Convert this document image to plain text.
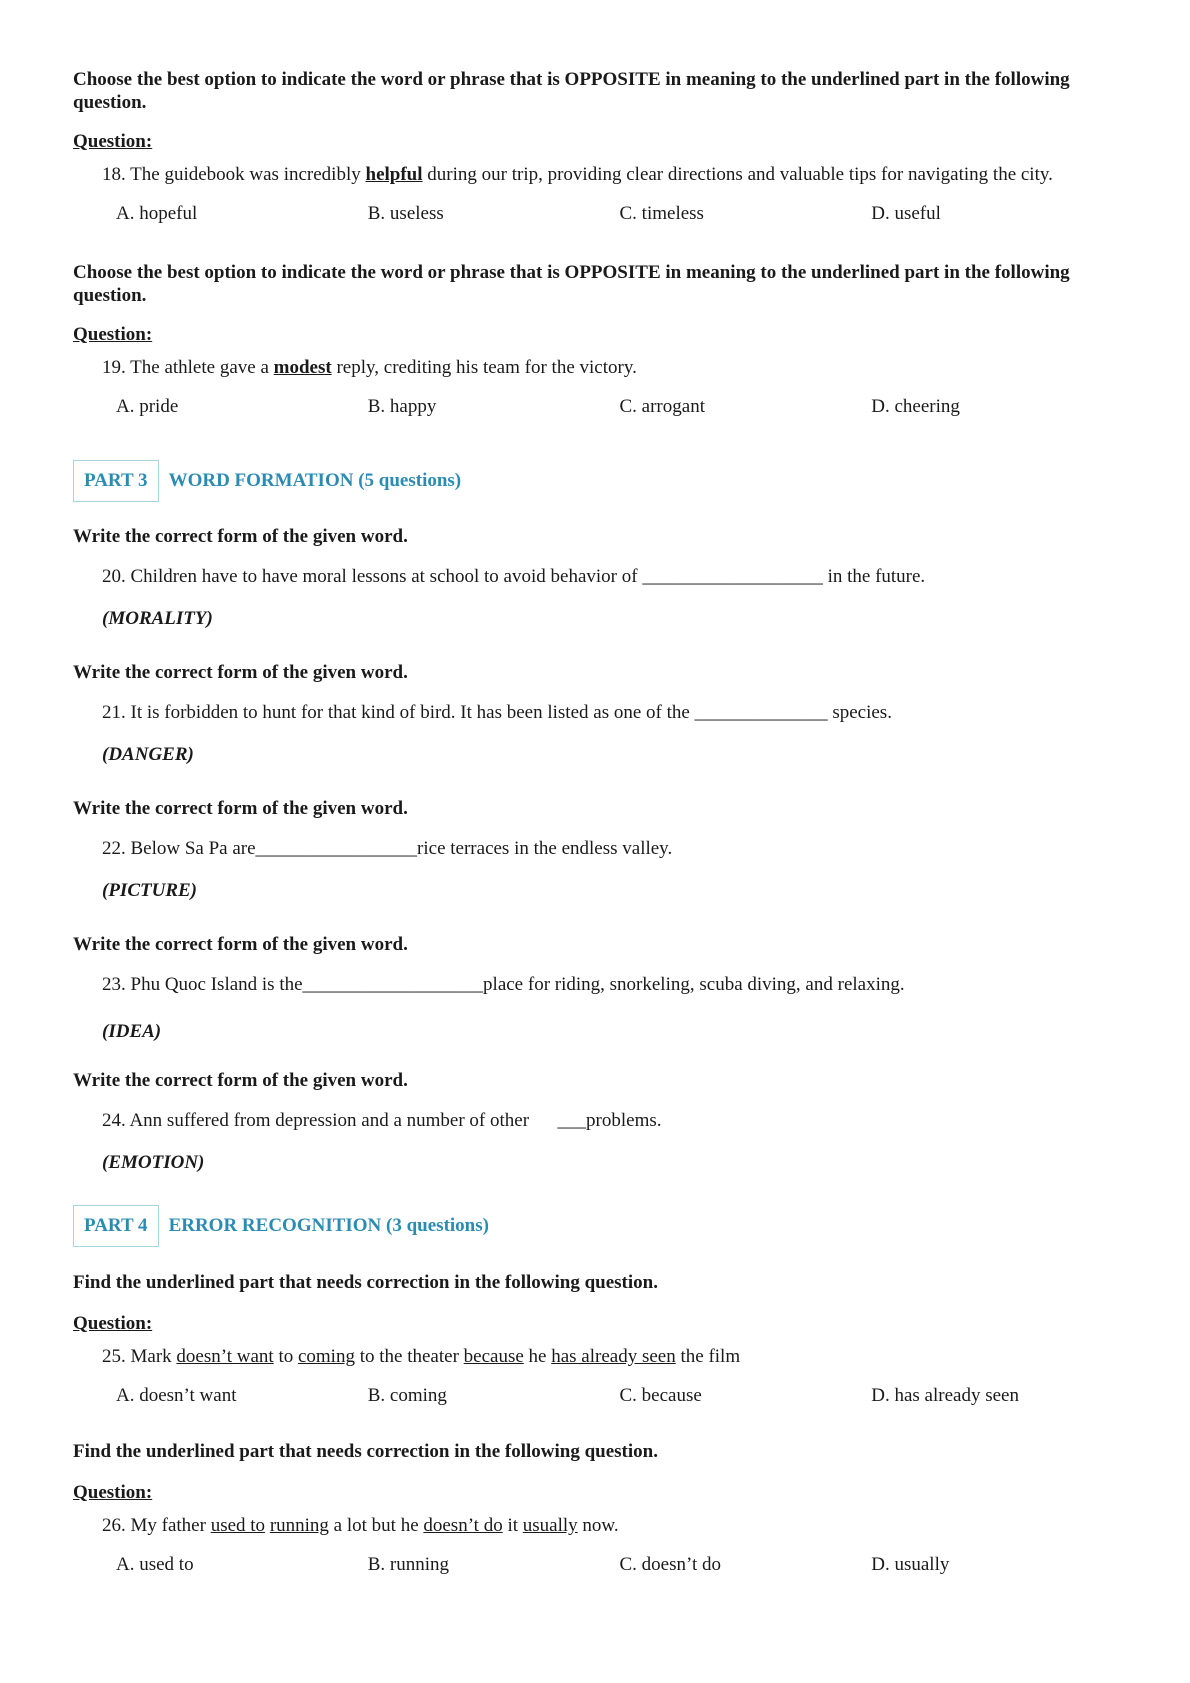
Choose the best option to indicate the word or phrase that is OPPOSITE in meaning to the underlined part in the following question.

Question:

18. The guidebook was incredibly helpful during our trip, providing clear directions and valuable tips for navigating the city.

A. hopeful	B. useless	C. timeless	D. useful

Choose the best option to indicate the word or phrase that is OPPOSITE in meaning to the underlined part in the following question.

Question:

19. The athlete gave a modest reply, crediting his team for the victory.

A. pride	B. happy	C. arrogant	D. cheering
PART 3	WORD FORMATION (5 questions)

Write the correct form of the given word.

20. Children have to have moral lessons at school to avoid behavior of ___________________ in the future.

(MORALITY)

Write the correct form of the given word.

21. It is forbidden to hunt for that kind of bird. It has been listed as one of the ______________ species.

(DANGER)

Write the correct form of the given word.

22. Below Sa Pa are_________________rice terraces in the endless valley.

(PICTURE)

Write the correct form of the given word.

23. Phu Quoc Island is the___________________place for riding, snorkeling, scuba diving, and relaxing.

(IDEA)

Write the correct form of the given word.

24. Ann suffered from depression and a number of other      ___problems.

(EMOTION)

PART 4	ERROR RECOGNITION (3 questions)

Find the underlined part that needs correction in the following question.

Question:

25. Mark doesn’t want to coming to the theater because he has already seen the film

A. doesn’t want	B. coming	C. because	D. has already seen

Find the underlined part that needs correction in the following question.

Question:

26. My father used to running a lot but he doesn’t do it usually now.

A. used to	B. running	C. doesn’t do	D. usually
